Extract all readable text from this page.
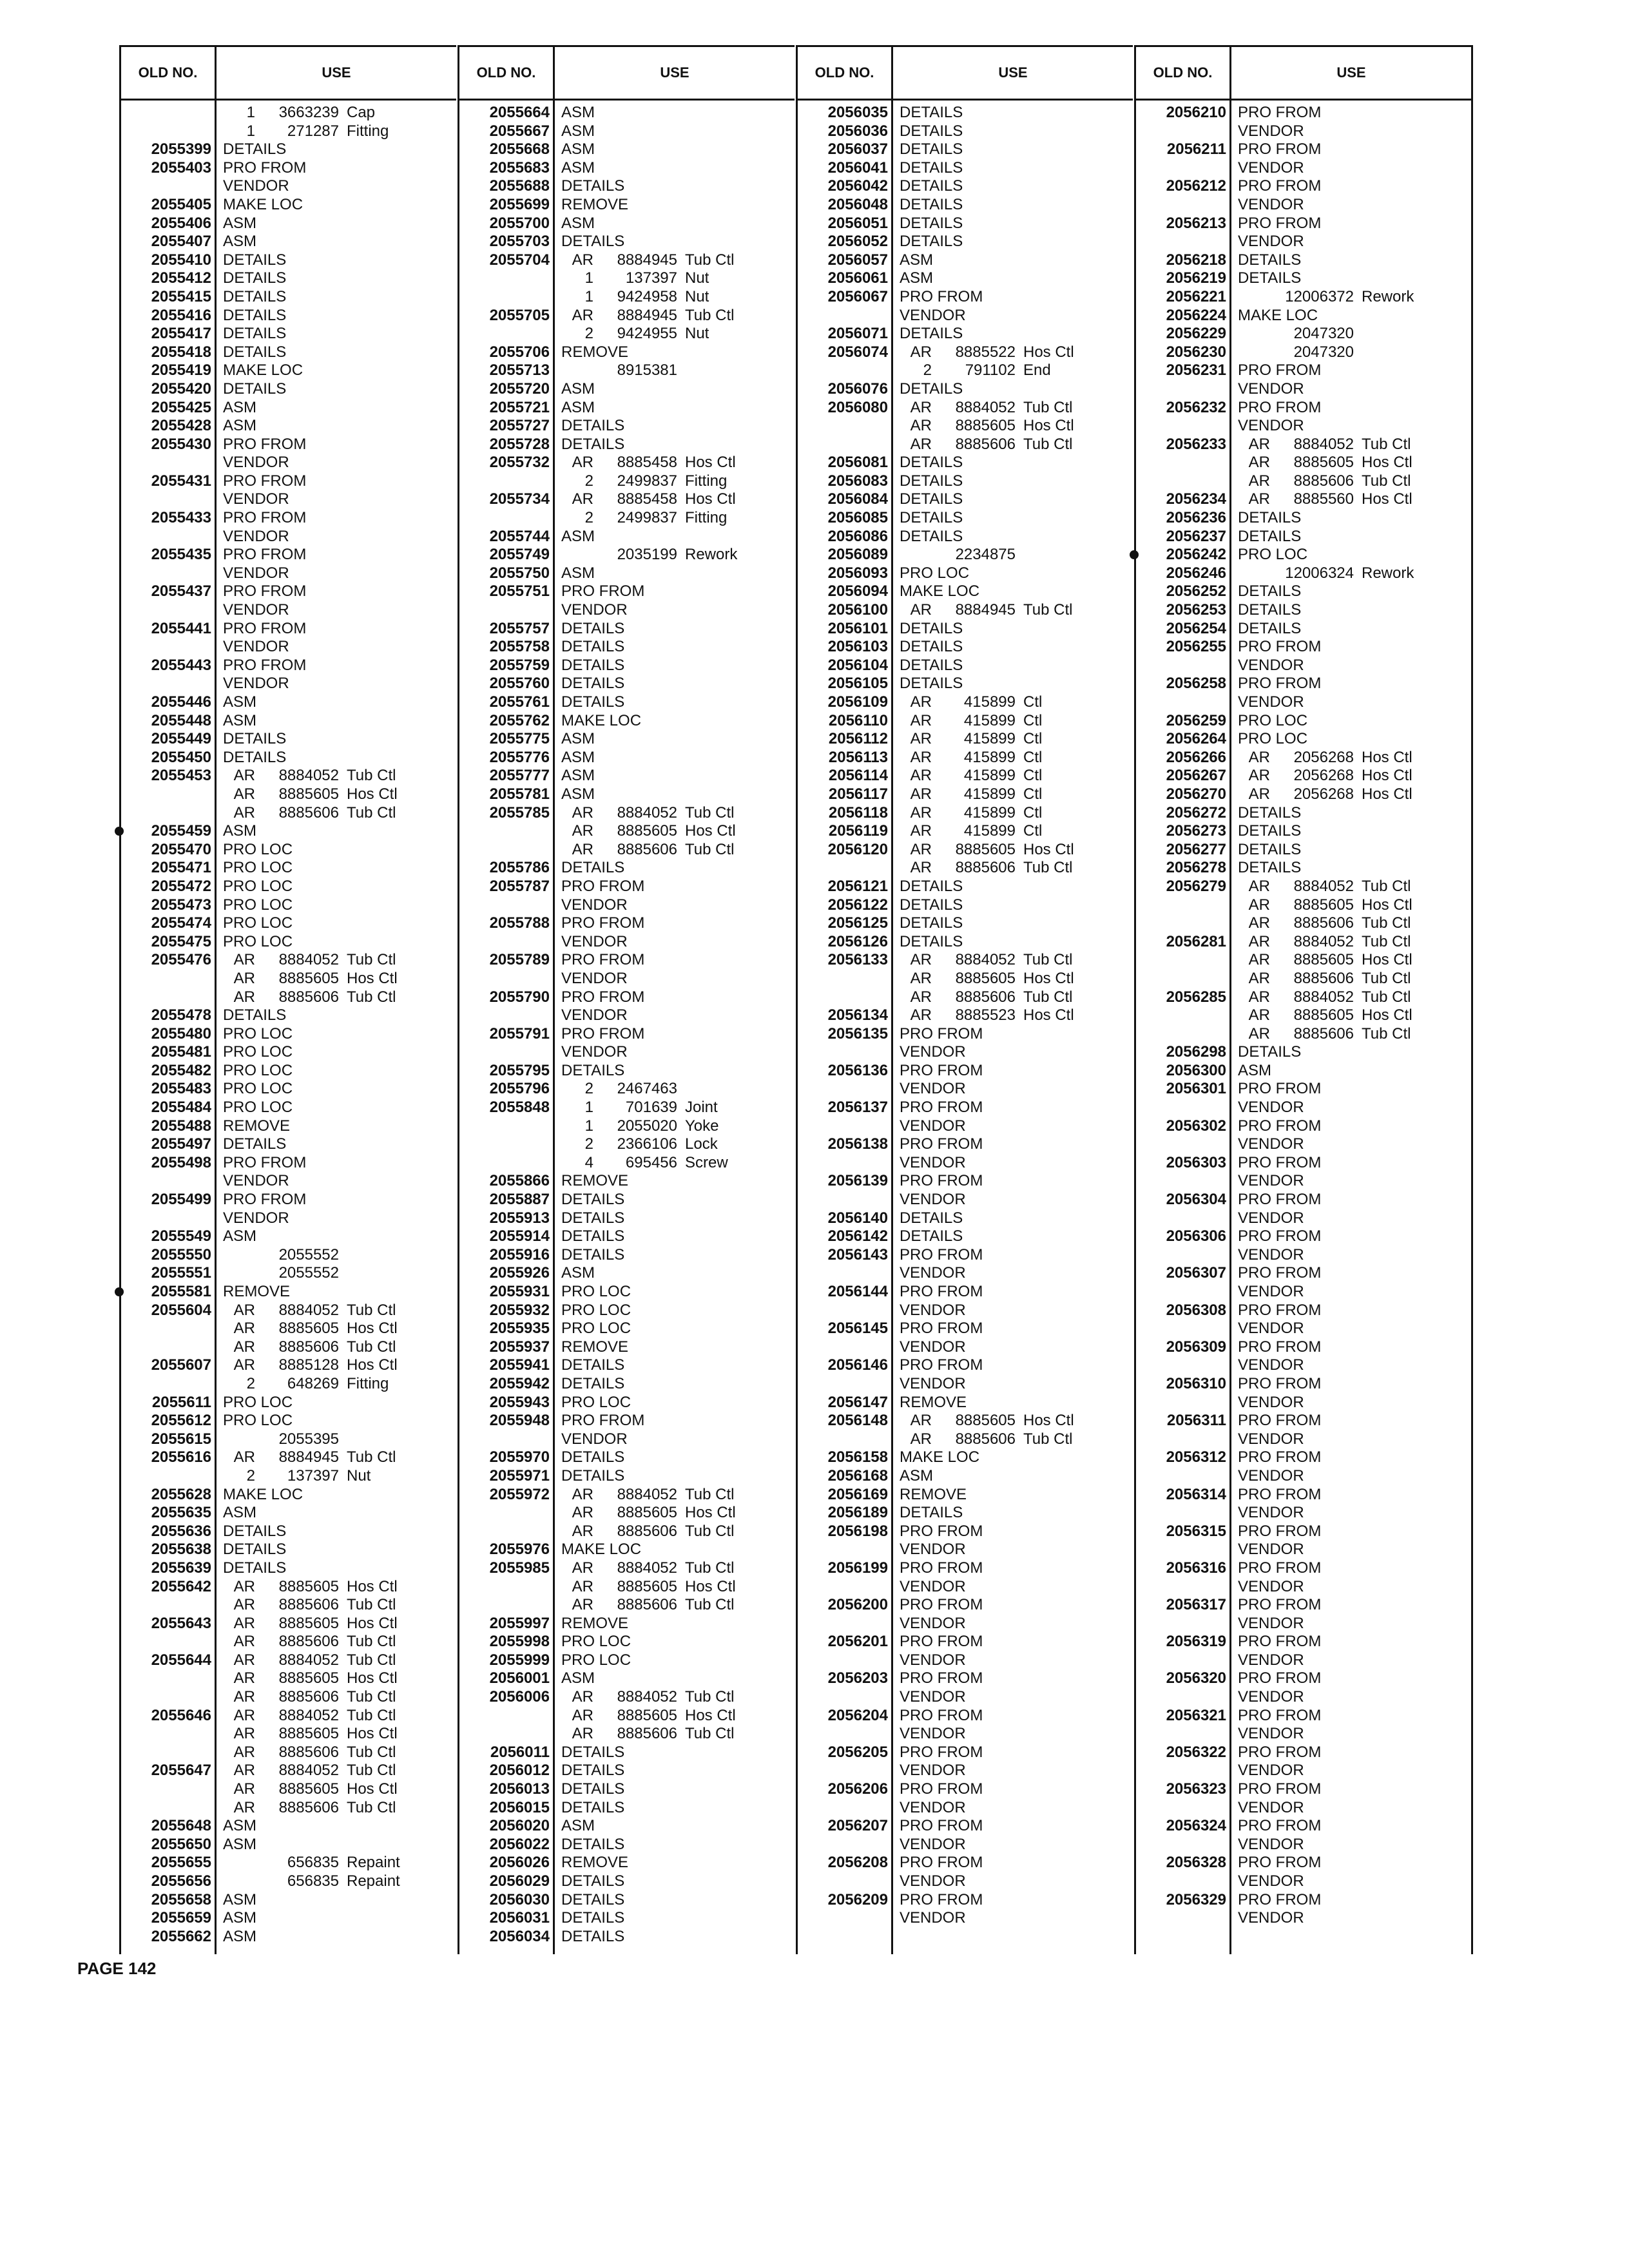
OLD NO.	USE
1 3663239 Cap
1 271287 Fitting
2055399 DETAILS
2055403 PRO FROM
VENDOR
2055405 MAKE LOC
2055406 ASM
2055407 ASM
2055410 DETAILS
2055412 DETAILS
2055415 DETAILS
2055416 DETAILS
2055417 DETAILS
2055418 DETAILS
2055419 MAKE LOC
2055420 DETAILS
2055425 ASM
2055428 ASM
2055430 PRO FROM
VENDOR
2055431 PRO FROM
VENDOR
2055433 PRO FROM
VENDOR
2055435 PRO FROM
VENDOR
2055437 PRO FROM
VENDOR
2055441 PRO FROM
VENDOR
2055443 PRO FROM
VENDOR
2055446 ASM
2055448 ASM
2055449 DETAILS
2055450 DETAILS
2055453	AR 8884052 Tub Ctl
AR 8885605 Hos Ctl
AR 8885606 Tub Ctl
2055459 ASM
2055470 PRO LOC
2055471 PRO LOC
2055472 PRO LOC
2055473 PRO LOC
2055474 PRO LOC
2055475 PRO LOC
2055476	AR 8884052 Tub Ctl
AR 8885605 Hos Ctl
AR 8885606 Tub Ctl
2055478 DETAILS
2055480 PRO LOC
2055481 PRO LOC
2055482 PRO LOC
2055483 PRO LOC
2055484 PRO LOC
2055488 REMOVE
2055497 DETAILS
2055498 PRO FROM
VENDOR
2055499 PRO FROM
VENDOR
2055549 ASM
2055550	2055552
2055551	2055552
2055581 REMOVE
2055604	AR 8884052 Tub Ctl
AR 8885605 Hos Ctl
AR 8885606 Tub Ctl
2055607	AR 8885128 Hos Ctl
2 648269 Fitting
2055611 PRO LOC
2055612 PRO LOC
2055615	2055395
2055616	AR 8884945 Tub Ctl
2 137397 Nut
2055628 MAKE LOC
2055635 ASM
2055636 DETAILS
2055638 DETAILS
2055639 DETAILS
2055642	AR 8885605 Hos Ctl
AR 8885606 Tub Ctl
2055643	AR 8885605 Hos Ctl
AR 8885606 Tub Ctl
2055644	AR 8884052 Tub Ctl
AR 8885605 Hos Ctl
AR 8885606 Tub Ctl
2055646	AR 8884052 Tub Ctl
AR 8885605 Hos Ctl
AR 8885606 Tub Ctl
2055647	AR 8884052 Tub Ctl
AR 8885605 Hos Ctl
AR 8885606 Tub Ctl
2055648 ASM
2055650 ASM
2055655	656835 Repaint
2055656	656835 Repaint
2055658 ASM
2055659 ASM
2055662 ASM
OLD NO.	USE
2055664 ASM
2055667 ASM
2055668 ASM
2055683 ASM
2055688 DETAILS
2055699 REMOVE
2055700 ASM
2055703 DETAILS
2055704	AR 8884945 Tub Ctl
1 137397 Nut
1 9424958 Nut
2055705	AR 8884945 Tub Ctl
2 9424955 Nut
2055706 REMOVE
2055713	8915381
2055720 ASM
2055721 ASM
2055727 DETAILS
2055728 DETAILS
2055732	AR 8885458 Hos Ctl
2 2499837 Fitting
2055734	AR 8885458 Hos Ctl
2 2499837 Fitting
2055744 ASM
2055749	2035199 Rework
2055750 ASM
2055751 PRO FROM
VENDOR
2055757 DETAILS
2055758 DETAILS
2055759 DETAILS
2055760 DETAILS
2055761 DETAILS
2055762 MAKE LOC
2055775 ASM
2055776 ASM
2055777 ASM
2055781 ASM
2055785	AR 8884052 Tub Ctl
AR 8885605 Hos Ctl
AR 8885606 Tub Ctl
2055786 DETAILS
2055787 PRO FROM
VENDOR
2055788 PRO FROM
VENDOR
2055789 PRO FROM
VENDOR
2055790 PRO FROM
VENDOR
2055791 PRO FROM
VENDOR
2055795 DETAILS
2055796	2 2467463
2055848	1 701639 Joint
1 2055020 Yoke
2 2366106 Lock
4 695456 Screw
2055866 REMOVE
2055887 DETAILS
2055913 DETAILS
2055914 DETAILS
2055916 DETAILS
2055926 ASM
2055931 PRO LOC
2055932 PRO LOC
2055935 PRO LOC
2055937 REMOVE
2055941 DETAILS
2055942 DETAILS
2055943 PRO LOC
2055948 PRO FROM
VENDOR
2055970 DETAILS
2055971 DETAILS
2055972	AR 8884052 Tub Ctl
AR 8885605 Hos Ctl
AR 8885606 Tub Ctl
2055976 MAKE LOC
2055985	AR 8884052 Tub Ctl
AR 8885605 Hos Ctl
AR 8885606 Tub Ctl
2055997 REMOVE
2055998 PRO LOC
2055999 PRO LOC
2056001 ASM
2056006	AR 8884052 Tub Ctl
AR 8885605 Hos Ctl
AR 8885606 Tub Ctl
2056011 DETAILS
2056012 DETAILS
2056013 DETAILS
2056015 DETAILS
2056020 ASM
2056022 DETAILS
2056026 REMOVE
2056029 DETAILS
2056030 DETAILS
2056031 DETAILS
2056034 DETAILS
OLD NO.	USE
2056035 DETAILS
2056036 DETAILS
2056037 DETAILS
2056041 DETAILS
2056042 DETAILS
2056048 DETAILS
2056051 DETAILS
2056052 DETAILS
2056057 ASM
2056061 ASM
2056067 PRO FROM
VENDOR
2056071 DETAILS
2056074	AR 8885522 Hos Ctl
2 791102 End
2056076 DETAILS
2056080	AR 8884052 Tub Ctl
AR 8885605 Hos Ctl
AR 8885606 Tub Ctl
2056081 DETAILS
2056083 DETAILS
2056084 DETAILS
2056085 DETAILS
2056086 DETAILS
2056089	2234875
2056093 PRO LOC
2056094 MAKE LOC
2056100	AR 8884945 Tub Ctl
2056101 DETAILS
2056103 DETAILS
2056104 DETAILS
2056105 DETAILS
2056109	AR 415899 Ctl
2056110	AR 415899 Ctl
2056112	AR 415899 Ctl
2056113	AR 415899 Ctl
2056114	AR 415899 Ctl
2056117	AR 415899 Ctl
2056118	AR 415899 Ctl
2056119	AR 415899 Ctl
2056120	AR 8885605 Hos Ctl
AR 8885606 Tub Ctl
2056121 DETAILS
2056122 DETAILS
2056125 DETAILS
2056126 DETAILS
2056133	AR 8884052 Tub Ctl
AR 8885605 Hos Ctl
AR 8885606 Tub Ctl
2056134	AR 8885523 Hos Ctl
2056135 PRO FROM
VENDOR
2056136 PRO FROM
VENDOR
2056137 PRO FROM
VENDOR
2056138 PRO FROM
VENDOR
2056139 PRO FROM
VENDOR
2056140 DETAILS
2056142 DETAILS
2056143 PRO FROM
VENDOR
2056144 PRO FROM
VENDOR
2056145 PRO FROM
VENDOR
2056146 PRO FROM
VENDOR
2056147 REMOVE
2056148	AR 8885605 Hos Ctl
AR 8885606 Tub Ctl
2056158 MAKE LOC
2056168 ASM
2056169 REMOVE
2056189 DETAILS
2056198 PRO FROM
VENDOR
2056199 PRO FROM
VENDOR
2056200 PRO FROM
VENDOR
2056201 PRO FROM
VENDOR
2056203 PRO FROM
VENDOR
2056204 PRO FROM
VENDOR
2056205 PRO FROM
VENDOR
2056206 PRO FROM
VENDOR
2056207 PRO FROM
VENDOR
2056208 PRO FROM
VENDOR
2056209 PRO FROM
VENDOR
OLD NO.	USE
2056210 PRO FROM
VENDOR
2056211 PRO FROM
VENDOR
2056212 PRO FROM
VENDOR
2056213 PRO FROM
VENDOR
2056218 DETAILS
2056219 DETAILS
2056221	12006372 Rework
2056224 MAKE LOC
2056229	2047320
2056230	2047320
2056231 PRO FROM
VENDOR
2056232 PRO FROM
VENDOR
2056233	AR 8884052 Tub Ctl
AR 8885605 Hos Ctl
AR 8885606 Tub Ctl
2056234	AR 8885560 Hos Ctl
2056236 DETAILS
2056237 DETAILS
2056242 PRO LOC
2056246	12006324 Rework
2056252 DETAILS
2056253 DETAILS
2056254 DETAILS
2056255 PRO FROM
VENDOR
2056258 PRO FROM
VENDOR
2056259 PRO LOC
2056264 PRO LOC
2056266	AR 2056268 Hos Ctl
2056267	AR 2056268 Hos Ctl
2056270	AR 2056268 Hos Ctl
2056272 DETAILS
2056273 DETAILS
2056277 DETAILS
2056278 DETAILS
2056279	AR 8884052 Tub Ctl
AR 8885605 Hos Ctl
AR 8885606 Tub Ctl
2056281	AR 8884052 Tub Ctl
AR 8885605 Hos Ctl
AR 8885606 Tub Ctl
2056285	AR 8884052 Tub Ctl
AR 8885605 Hos Ctl
AR 8885606 Tub Ctl
2056298 DETAILS
2056300 ASM
2056301 PRO FROM
VENDOR
2056302 PRO FROM
VENDOR
2056303 PRO FROM
VENDOR
2056304 PRO FROM
VENDOR
2056306 PRO FROM
VENDOR
2056307 PRO FROM
VENDOR
2056308 PRO FROM
VENDOR
2056309 PRO FROM
VENDOR
2056310 PRO FROM
VENDOR
2056311 PRO FROM
VENDOR
2056312 PRO FROM
VENDOR
2056314 PRO FROM
VENDOR
2056315 PRO FROM
VENDOR
2056316 PRO FROM
VENDOR
2056317 PRO FROM
VENDOR
2056319 PRO FROM
VENDOR
2056320 PRO FROM
VENDOR
2056321 PRO FROM
VENDOR
2056322 PRO FROM
VENDOR
2056323 PRO FROM
VENDOR
2056324 PRO FROM
VENDOR
2056328 PRO FROM
VENDOR
2056329 PRO FROM
VENDOR
PAGE 142
